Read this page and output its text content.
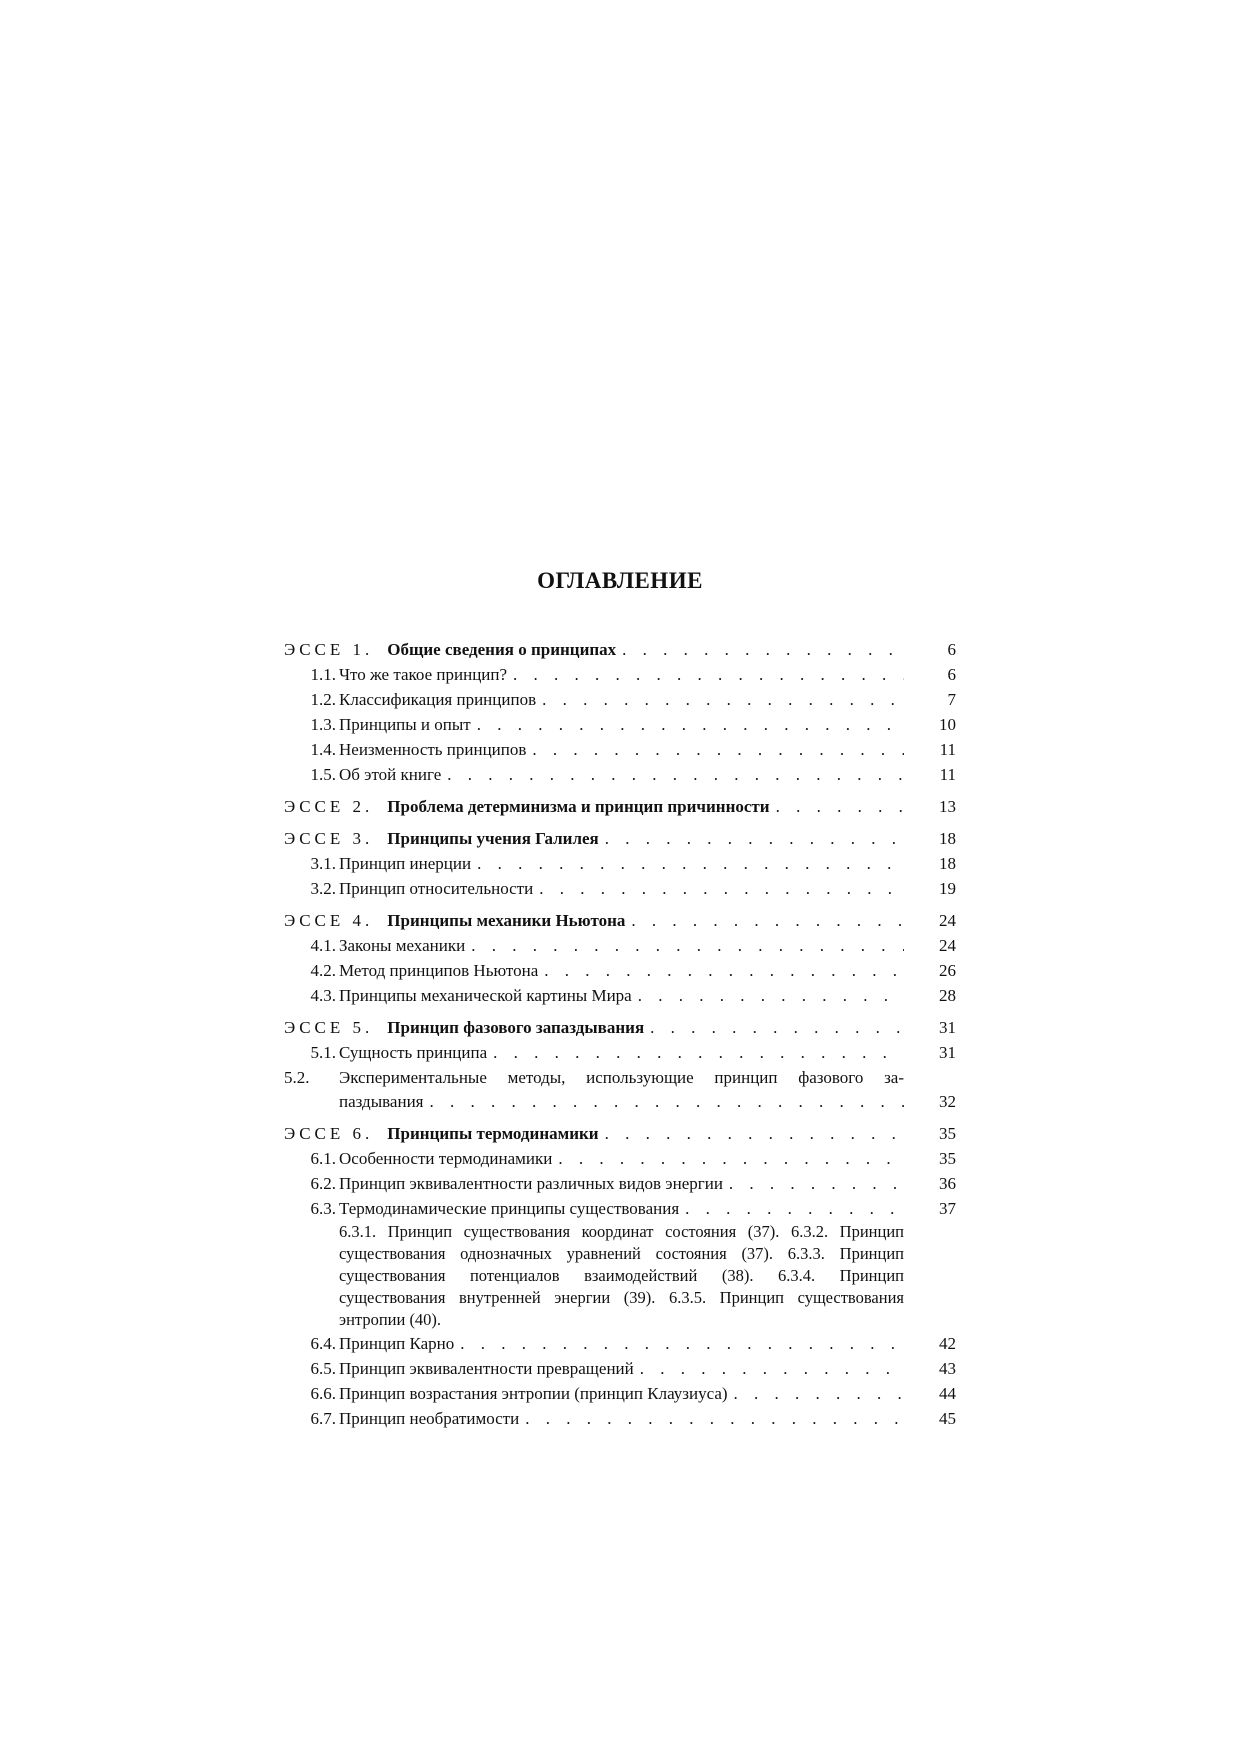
ОГЛАВЛЕНИЕ
ЭССЕ 1. Общие сведения о принципах . . .	6
1.1. Что же такое принцип? . . .	6
1.2. Классификация принципов . . .	7
1.3. Принципы и опыт . . .	10
1.4. Неизменность принципов . . .	11
1.5. Об этой книге . . .	11
ЭССЕ 2. Проблема детерминизма и принцип причинности . . .	13
ЭССЕ 3. Принципы учения Галилея . . .	18
3.1. Принцип инерции . . .	18
3.2. Принцип относительности . . .	19
ЭССЕ 4. Принципы механики Ньютона . . .	24
4.1. Законы механики . . .	24
4.2. Метод принципов Ньютона . . .	26
4.3. Принципы механической картины Мира . . .	28
ЭССЕ 5. Принцип фазового запаздывания . . .	31
5.1. Сущность принципа . . .	31
5.2. Экспериментальные методы, использующие принцип фазового за-
паздывания . . .	32
ЭССЕ 6. Принципы термодинамики . . .	35
6.1. Особенности термодинамики . . .	35
6.2. Принцип эквивалентности различных видов энергии . . .	36
6.3. Термодинамические принципы существования . . .	37
6.3.1. Принцип существования координат состояния (37). 6.3.2. Принцип существования однозначных уравнений состояния (37). 6.3.3. Принцип существования потенциалов взаимодействий (38). 6.3.4. Принцип существования внутренней энергии (39). 6.3.5. Принцип существования энтропии (40).
6.4. Принцип Карно . . .	42
6.5. Принцип эквивалентности превращений . . .	43
6.6. Принцип возрастания энтропии (принцип Клаузиуса) . . .	44
6.7. Принцип необратимости . . .	45
